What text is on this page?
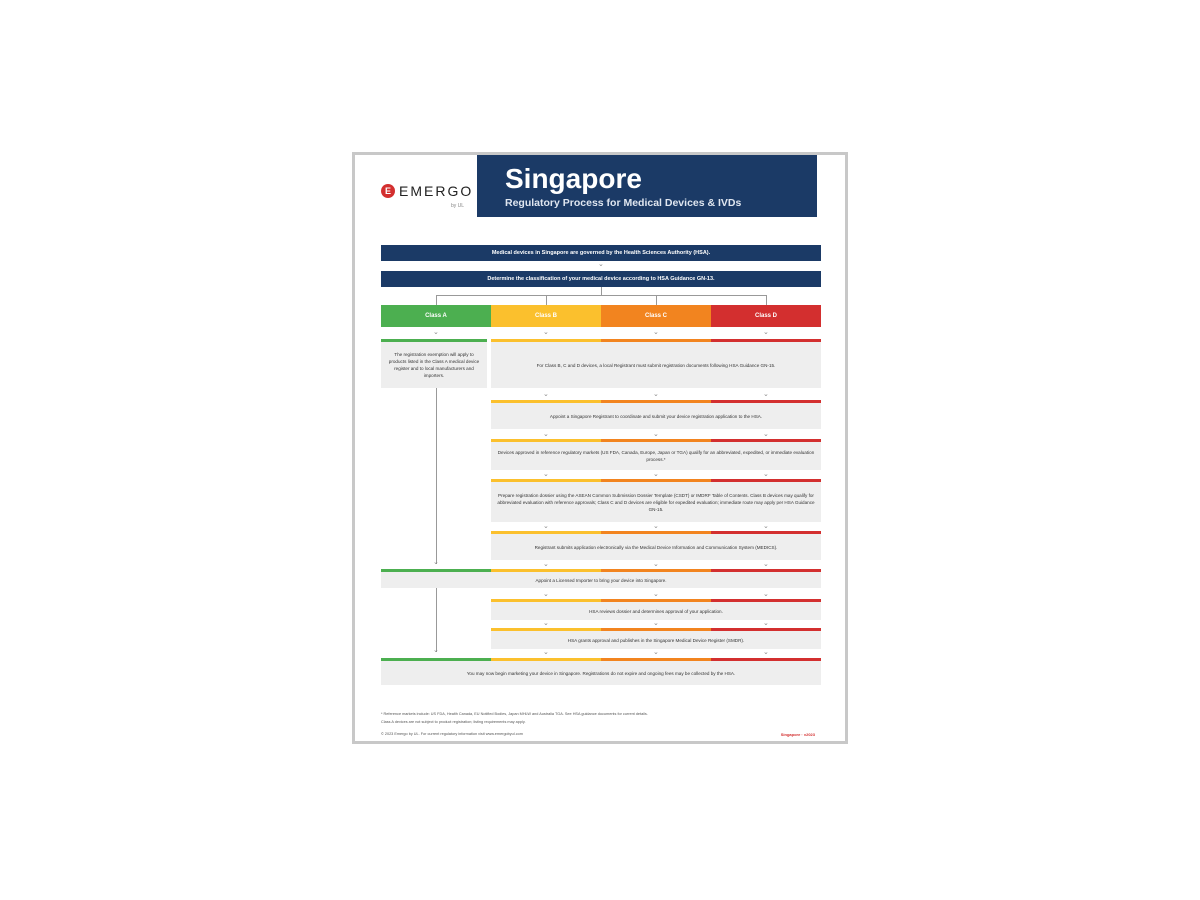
E EMERGO
by UL
Singapore
Regulatory Process for Medical Devices & IVDs
Medical devices in Singapore are governed by the Health Sciences Authority (HSA).
⌄
Determine the classification of your medical device according to HSA Guidance GN-13.
Class A	Class B	Class C	Class D
⌄	⌄	⌄	⌄
The registration exemption will apply to products listed in the Class A medical device register and to local manufacturers and importers.
⌄
For Class B, C and D devices, a local Registrant must submit registration documents following HSA Guidance GN-15.
⌄	⌄	⌄
Appoint a Singapore Registrant to coordinate and submit your device registration application to the HSA.
⌄	⌄	⌄
Devices approved in reference regulatory markets (US FDA, Canada, Europe, Japan or TGA) qualify for an abbreviated, expedited, or immediate evaluation process.*
⌄	⌄	⌄
Prepare registration dossier using the ASEAN Common Submission Dossier Template (CSDT) or IMDRF Table of Contents. Class B devices may qualify for abbreviated evaluation with reference approvals; Class C and D devices are eligible for expedited evaluation; immediate route may apply per HSA Guidance GN-15.
⌄	⌄	⌄
Registrant submits application electronically via the Medical Device Information and Communication System (MEDICS).
⌄	⌄	⌄
Appoint a Licensed Importer to bring your device into Singapore.
⌄
⌄	⌄	⌄
HSA reviews dossier and determines approval of your application.
⌄	⌄	⌄
HSA grants approval and publishes in the Singapore Medical Device Register (SMDR).
⌄	⌄	⌄
You may now begin marketing your device in Singapore. Registrations do not expire and ongoing fees may be collected by the HSA.
* Reference markets include: US FDA, Health Canada, EU Notified Bodies, Japan MHLW and Australia TGA. See HSA guidance documents for current details.
Class A devices are not subject to product registration; listing requirements may apply.
© 2023 Emergo by UL. For current regulatory information visit www.emergobyul.com	Singapore · v2023
